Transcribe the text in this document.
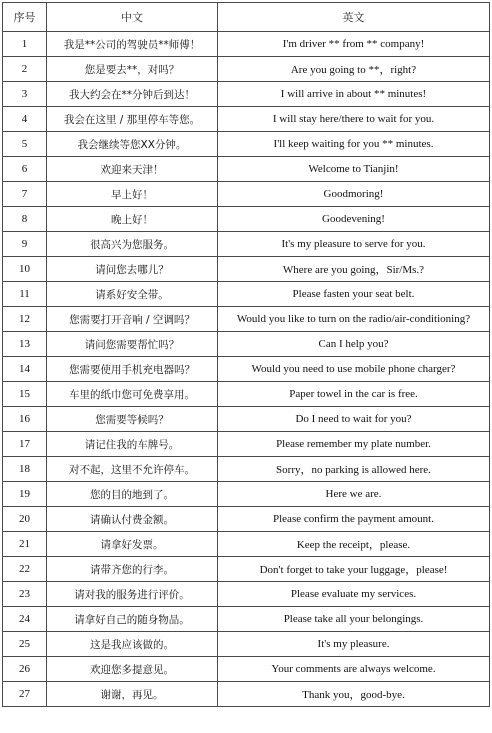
序号	中文	英文
1	我是**公司的驾驶员**师傅！	I'm driver ** from ** company!
2	您是要去**，对吗？	Are you going to **，right?
3	我大约会在**分钟后到达！	I will arrive in about ** minutes!
4	我会在这里 / 那里停车等您。	I will stay here/there to wait for you.
5	我会继续等您XX分钟。	I'll keep waiting for you ** minutes.
6	欢迎来天津！	Welcome to Tianjin!
7	早上好！	Goodmoring!
8	晚上好！	Goodevening!
9	很高兴为您服务。	It's my pleasure to serve for you.
10	请问您去哪儿？	Where are you going，Sir/Ms.?
11	请系好安全带。	Please fasten your seat belt.
12	您需要打开音响 / 空调吗？	Would you like to turn on the radio/air-conditioning?
13	请问您需要帮忙吗？	Can I help you?
14	您需要使用手机充电器吗？	Would you need to use mobile phone charger?
15	车里的纸巾您可免费享用。	Paper towel in the car is free.
16	您需要等候吗？	Do I need to wait for you?
17	请记住我的车牌号。	Please remember my plate number.
18	对不起，这里不允许停车。	Sorry，no parking is allowed here.
19	您的目的地到了。	Here we are.
20	请确认付费金额。	Please confirm the payment amount.
21	请拿好发票。	Keep the receipt，please.
22	请带齐您的行李。	Don't forget to take your luggage，please!
23	请对我的服务进行评价。	Please evaluate my services.
24	请拿好自己的随身物品。	Please take all your belongings.
25	这是我应该做的。	It's my pleasure.
26	欢迎您多提意见。	Your comments are always welcome.
27	谢谢，再见。	Thank you，good-bye.
